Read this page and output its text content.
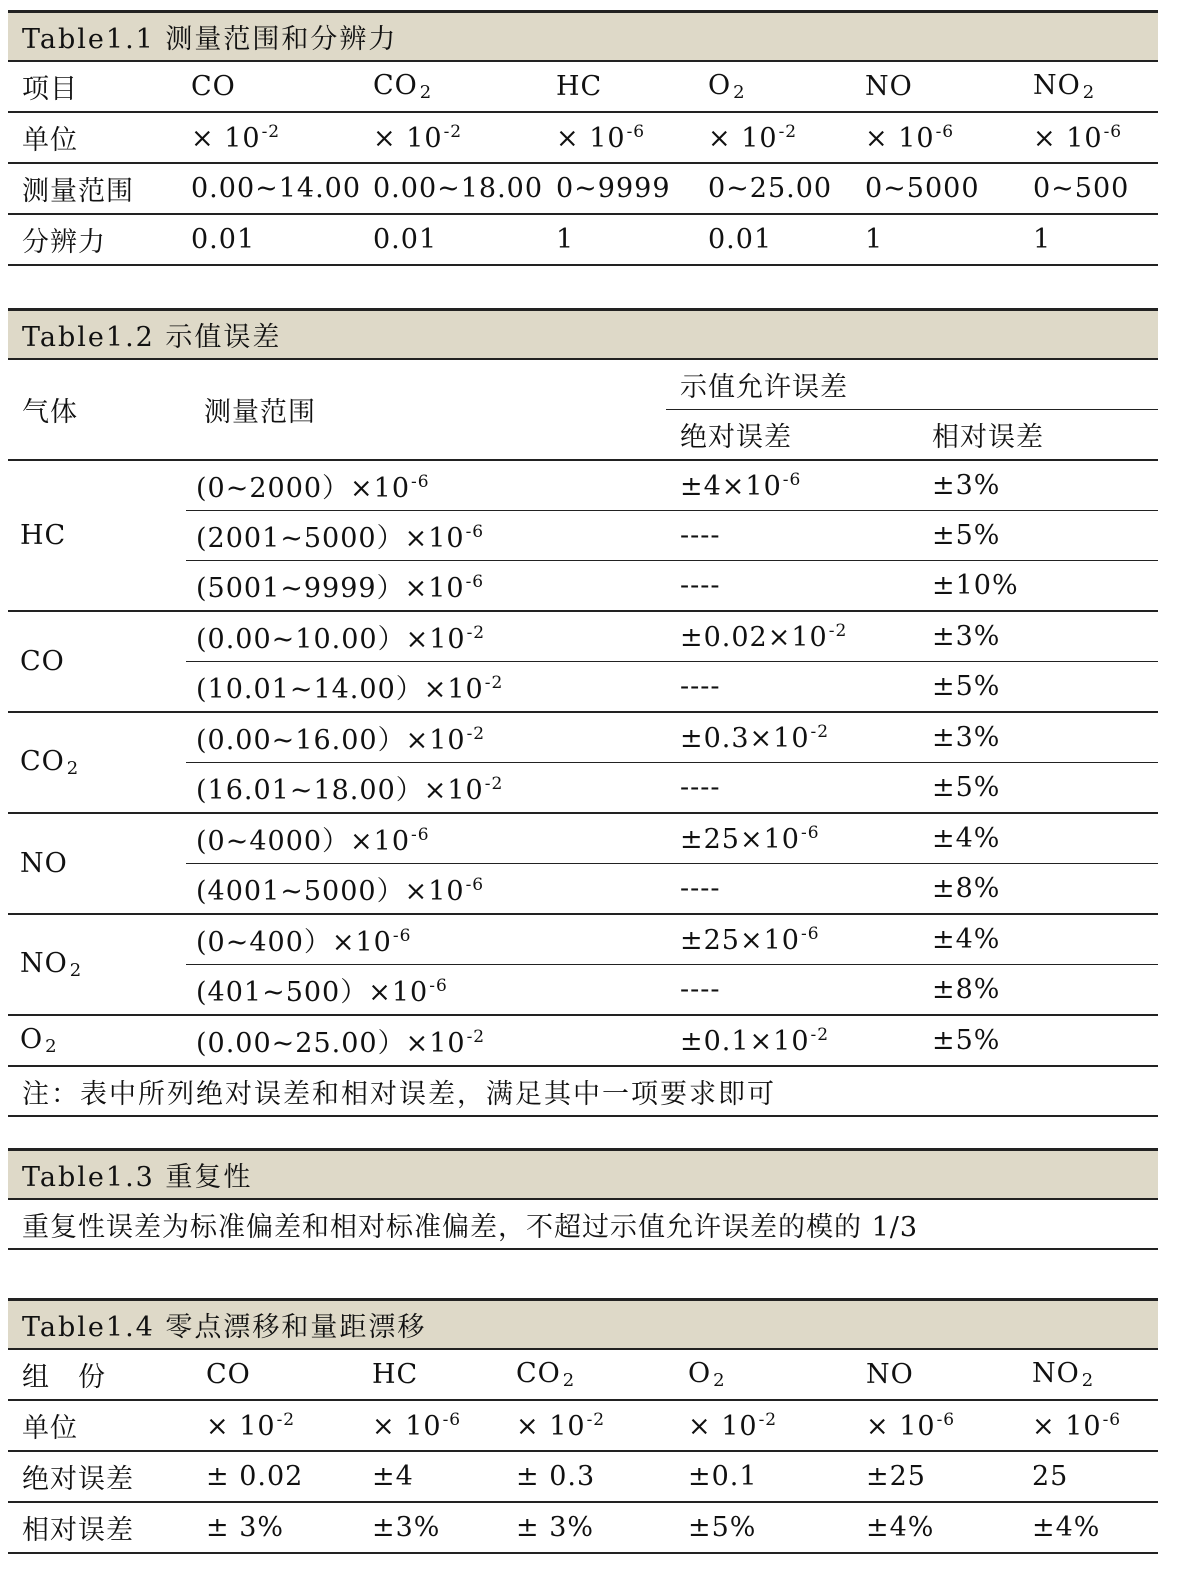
Table1.1 测量范围和分辨力
项目	CO	CO $_2$	HC	O $_2$	NO	NO $_2$
单位	× $10^{-2}$	× $10^{-2}$	× $10^{-6}$	× $10^{-2}$	× $10^{-6}$	× $10^{-6}$
测量范围	0.00~14.00	0.00~18.00	0~9999	0~25.00	0~5000	0~500
分辨力	0.01	0.01	1	0.01	1	1
Table1.2 示值误差
气体	测量范围	示值允许误差	
		绝对误差	相对误差
HC	$(0\sim 2000)\times 10^{-6}$	$\pm 4\times 10^{-6}$	±3%
	$(2001\sim 5000)\times 10^{-6}$	----	±5%
	$(5001\sim 9999)\times 10^{-6}$	----	±10%
CO	$(0.00\sim 10.00)\times 10^{-2}$	$\pm 0.02\times 10^{-2}$	±3%
	$(10.01\sim 14.00)\times 10^{-2}$	----	±5%
CO $_2$	$(0.00\sim 16.00)\times 10^{-2}$	$\pm 0.3\times 10^{-2}$	±3%
	$(16.01\sim 18.00)\times 10^{-2}$	----	±5%
NO	$(0\sim 4000)\times 10^{-6}$	$\pm 25\times 10^{-6}$	±4%
	$(4001\sim 5000)\times 10^{-6}$	----	±8%
NO $_2$	$(0\sim 400)\times 10^{-6}$	$\pm 25\times 10^{-6}$	±4%
	$(401\sim 500)\times 10^{-6}$	----	±8%
O $_2$	$(0.00\sim 25.00)\times 10^{-2}$	$\pm 0.1\times 10^{-2}$	±5%
注：表中所列绝对误差和相对误差，满足其中一项要求即可
Table1.3 重复性
重复性误差为标准偏差和相对标准偏差，不超过示值允许误差的模的 1/3
Table1.4 零点漂移和量距漂移
组　份	CO	HC	CO $_2$	O $_2$	NO	NO $_2$
单位	× $10^{-2}$	× $10^{-6}$	× $10^{-2}$	× $10^{-2}$	× $10^{-6}$	× $10^{-6}$
绝对误差	± 0.02	±4	± 0.3	±0.1	±25	25
相对误差	± 3%	±3%	± 3%	±5%	±4%	±4%
